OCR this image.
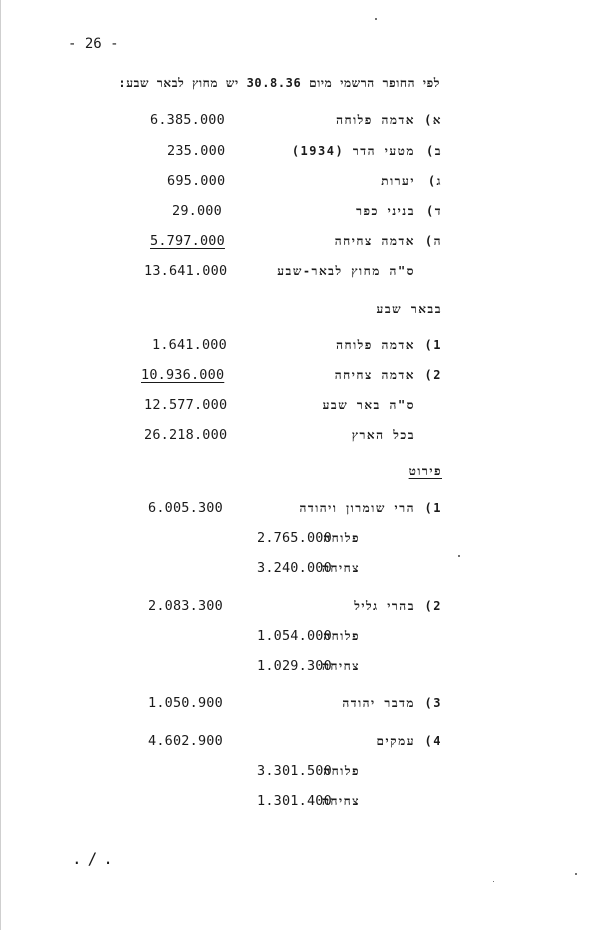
- 26 -
לפי החופר הרשמי מיום 30.8.36 יש מחוץ לבאר שבע:
א)
אדמה פלוחה
6.385.000
ב)
מטעי הדר (1934)
235.000
ג)
יערות
695.000
ד)
בניני כפר
29.000
ה)
אדמה צחיחה
5.797.000
ס"ה מחוץ לבאר-שבע
13.641.000
בבאר שבע
1)
אדמה פלוחה
1.641.000
2)
אדמה צחיחה
10.936.000
ס"ה באר שבע
12.577.000
בכל הארץ
26.218.000
פירוט
1)
הרי שומרון ויהודה
6.005.300
פלוחה
2.765.000
צחיחה
3.240.000
2)
בהרי גליל
2.083.300
פלוחה
1.054.000
צחיחה
1.029.300
3)
מדבר יהודה
1.050.900
4)
עמקים
4.602.900
פלוחה
3.301.500
צחיחה
1.301.400
./.
